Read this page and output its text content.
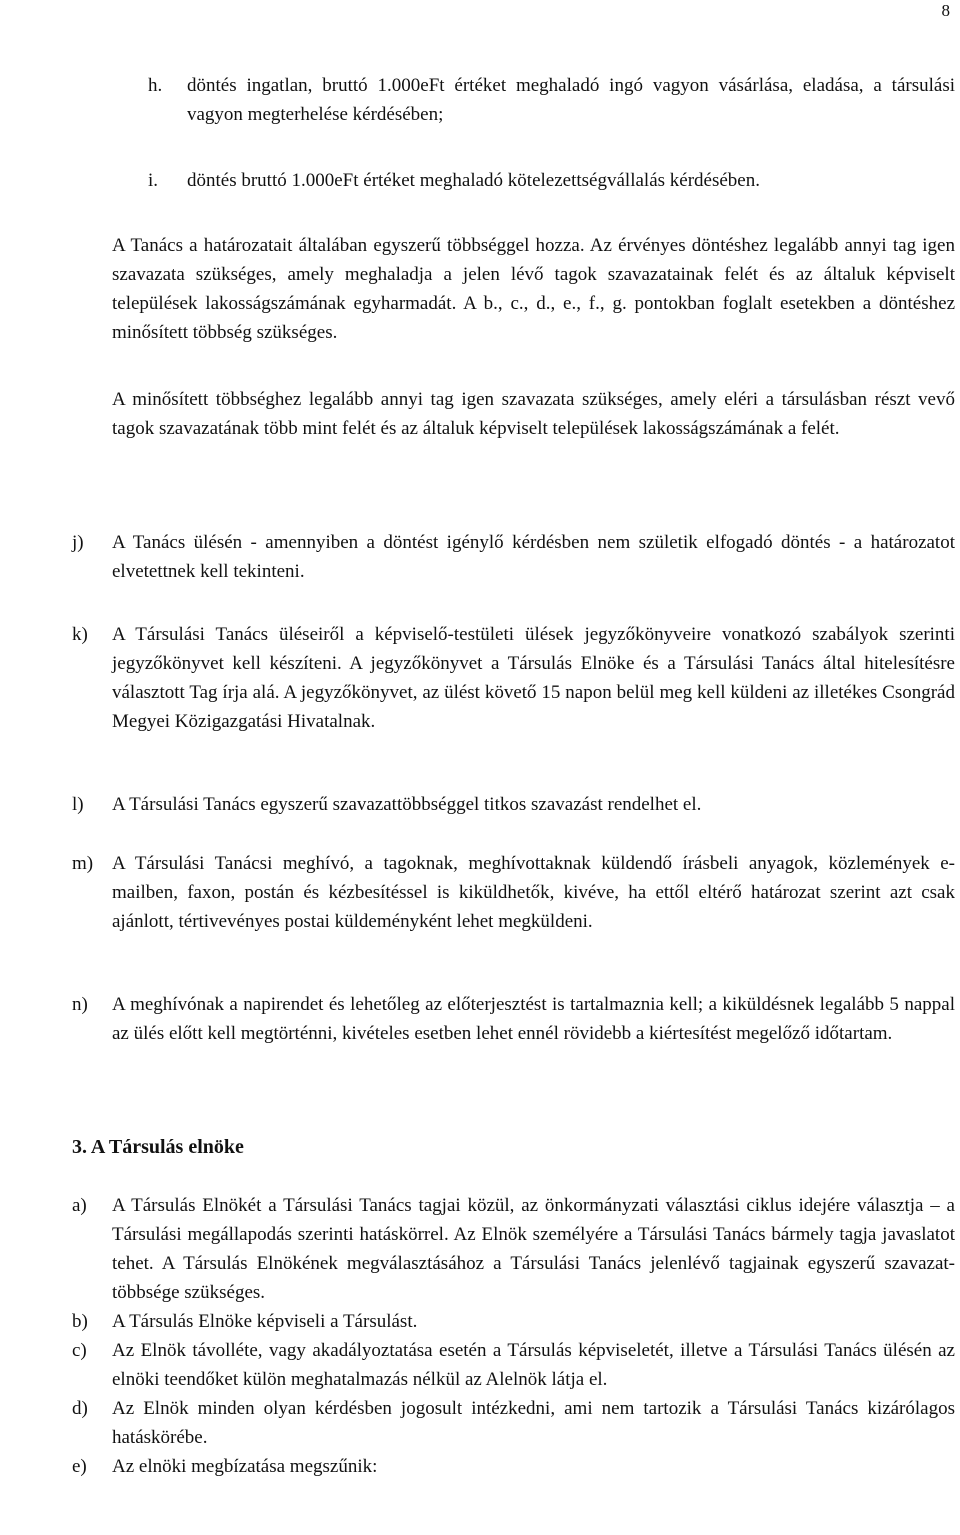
8
h. döntés ingatlan, bruttó 1.000eFt értéket meghaladó ingó vagyon vásárlása, eladása, a társulási vagyon megterhelése kérdésében;

i. döntés bruttó 1.000eFt értéket meghaladó kötelezettségvállalás kérdésében.

A Tanács a határozatait általában egyszerű többséggel hozza. Az érvényes döntéshez legalább annyi tag igen szavazata szükséges, amely meghaladja a jelen lévő tagok szavazatainak felét és az általuk képviselt települések lakosságszámának egyharmadát. A b., c., d., e., f., g. pontokban foglalt esetekben a döntéshez minősített többség szükséges.

A minősített többséghez legalább annyi tag igen szavazata szükséges, amely eléri a társulásban részt vevő tagok szavazatának több mint felét és az általuk képviselt települések lakosságszámának a felét.

j) A Tanács ülésén - amennyiben a döntést igénylő kérdésben nem születik elfogadó döntés - a határozatot elvetettnek kell tekinteni.

k) A Társulási Tanács üléseiről a képviselő-testületi ülések jegyzőkönyveire vonatkozó szabályok szerinti jegyzőkönyvet kell készíteni. A jegyzőkönyvet a Társulás Elnöke és a Társulási Tanács által hitelesítésre választott Tag írja alá. A jegyzőkönyvet, az ülést követő 15 napon belül meg kell küldeni az illetékes Csongrád Megyei Közigazgatási Hivatalnak.

l) A Társulási Tanács egyszerű szavazattöbbséggel titkos szavazást rendelhet el.

m) A Társulási Tanácsi meghívó, a tagoknak, meghívottaknak küldendő írásbeli anyagok, közlemények e-mailben, faxon, postán és kézbesítéssel is kiküldhetők, kivéve, ha ettől eltérő határozat szerint azt csak ajánlott, tértivevényes postai küldeményként lehet megküldeni.

n) A meghívónak a napirendet és lehetőleg az előterjesztést is tartalmaznia kell; a kiküldésnek legalább 5 nappal az ülés előtt kell megtörténni, kivételes esetben lehet ennél rövidebb a kiértesítést megelőző időtartam.

3. A Társulás elnöke
a) A Társulás Elnökét a Társulási Tanács tagjai közül, az önkormányzati választási ciklus idejére választja – a Társulási megállapodás szerinti hatáskörrel. Az Elnök személyére a Társulási Tanács bármely tagja javaslatot tehet. A Társulás Elnökének megválasztásához a Társulási Tanács jelenlévő tagjainak egyszerű szavazat- többsége szükséges.

b) A Társulás Elnöke képviseli a Társulást.

c) Az Elnök távolléte, vagy akadályoztatása esetén a Társulás képviseletét, illetve a Társulási Tanács ülésén az elnöki teendőket külön meghatalmazás nélkül az Alelnök látja el.

d) Az Elnök minden olyan kérdésben jogosult intézkedni, ami nem tartozik a Társulási Tanács kizárólagos hatáskörébe.

e) Az elnöki megbízatása megszűnik:
